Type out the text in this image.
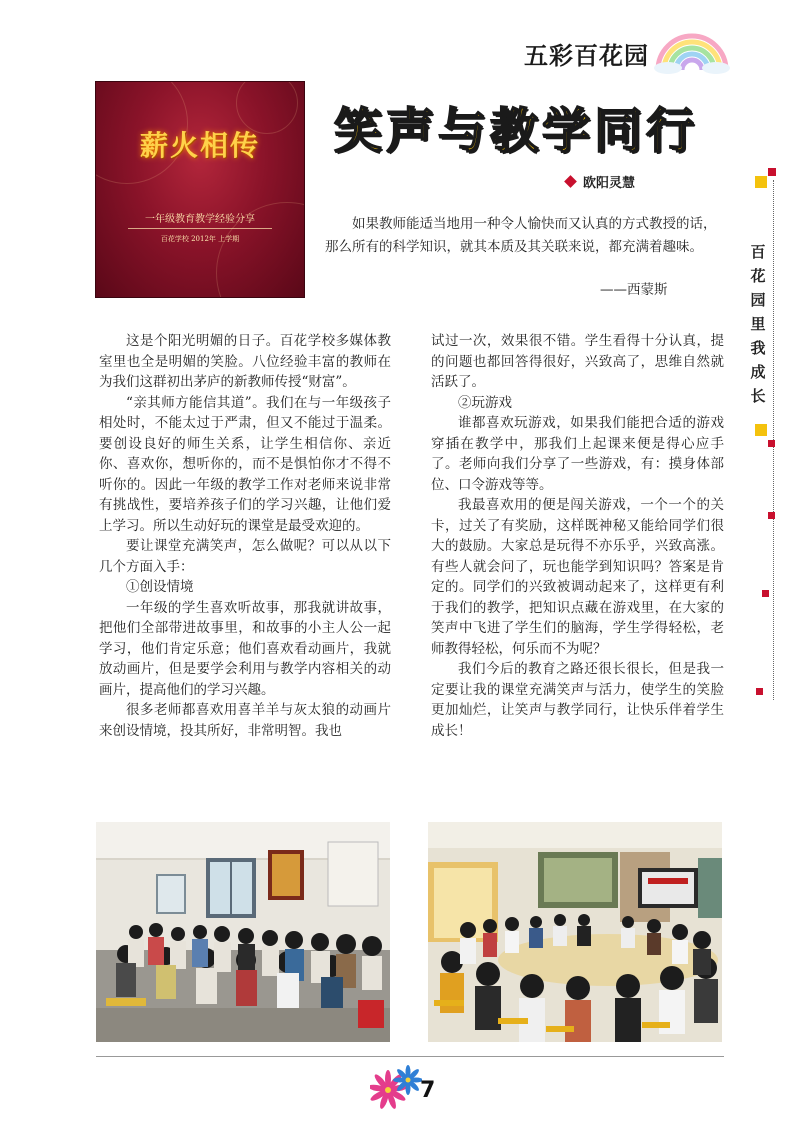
五彩百花园
薪火相传
一年级教育教学经验分享
百花学校 2012年 上学期
笑声与教学同行
欧阳灵慧
如果教师能适当地用一种令人愉快而又认真的方式教授的话，那么所有的科学知识，就其本质及其关联来说，都充满着趣味。
——西蒙斯
百花园里我成长

这是个阳光明媚的日子。百花学校多媒体教室里也全是明媚的笑脸。八位经验丰富的教师在为我们这群初出茅庐的新教师传授“财富”。

“亲其师方能信其道”。我们在与一年级孩子相处时，不能太过于严肃，但又不能过于温柔。要创设良好的师生关系，让学生相信你、亲近你、喜欢你，想听你的，而不是惧怕你才不得不听你的。因此一年级的教学工作对老师来说非常有挑战性，要培养孩子们的学习兴趣，让他们爱上学习。所以生动好玩的课堂是最受欢迎的。

要让课堂充满笑声，怎么做呢？可以从以下几个方面入手：

①创设情境

一年级的学生喜欢听故事，那我就讲故事，把他们全部带进故事里，和故事的小主人公一起学习，他们肯定乐意；他们喜欢看动画片，我就放动画片，但是要学会利用与教学内容相关的动画片，提高他们的学习兴趣。

很多老师都喜欢用喜羊羊与灰太狼的动画片来创设情境，投其所好，非常明智。我也

试过一次，效果很不错。学生看得十分认真，提的问题也都回答得很好，兴致高了，思维自然就活跃了。

②玩游戏

谁都喜欢玩游戏，如果我们能把合适的游戏穿插在教学中，那我们上起课来便是得心应手了。老师向我们分享了一些游戏，有：摸身体部位、口令游戏等等。

我最喜欢用的便是闯关游戏，一个一个的关卡，过关了有奖励，这样既神秘又能给同学们很大的鼓励。大家总是玩得不亦乐乎，兴致高涨。有些人就会问了，玩也能学到知识吗？答案是肯定的。同学们的兴致被调动起来了，这样更有利于我们的教学，把知识点藏在游戏里，在大家的笑声中飞进了学生们的脑海，学生学得轻松，老师教得轻松，何乐而不为呢？

我们今后的教育之路还很长很长，但是我一定要让我的课堂充满笑声与活力，使学生的笑脸更加灿烂，让笑声与教学同行，让快乐伴着学生成长！

7
